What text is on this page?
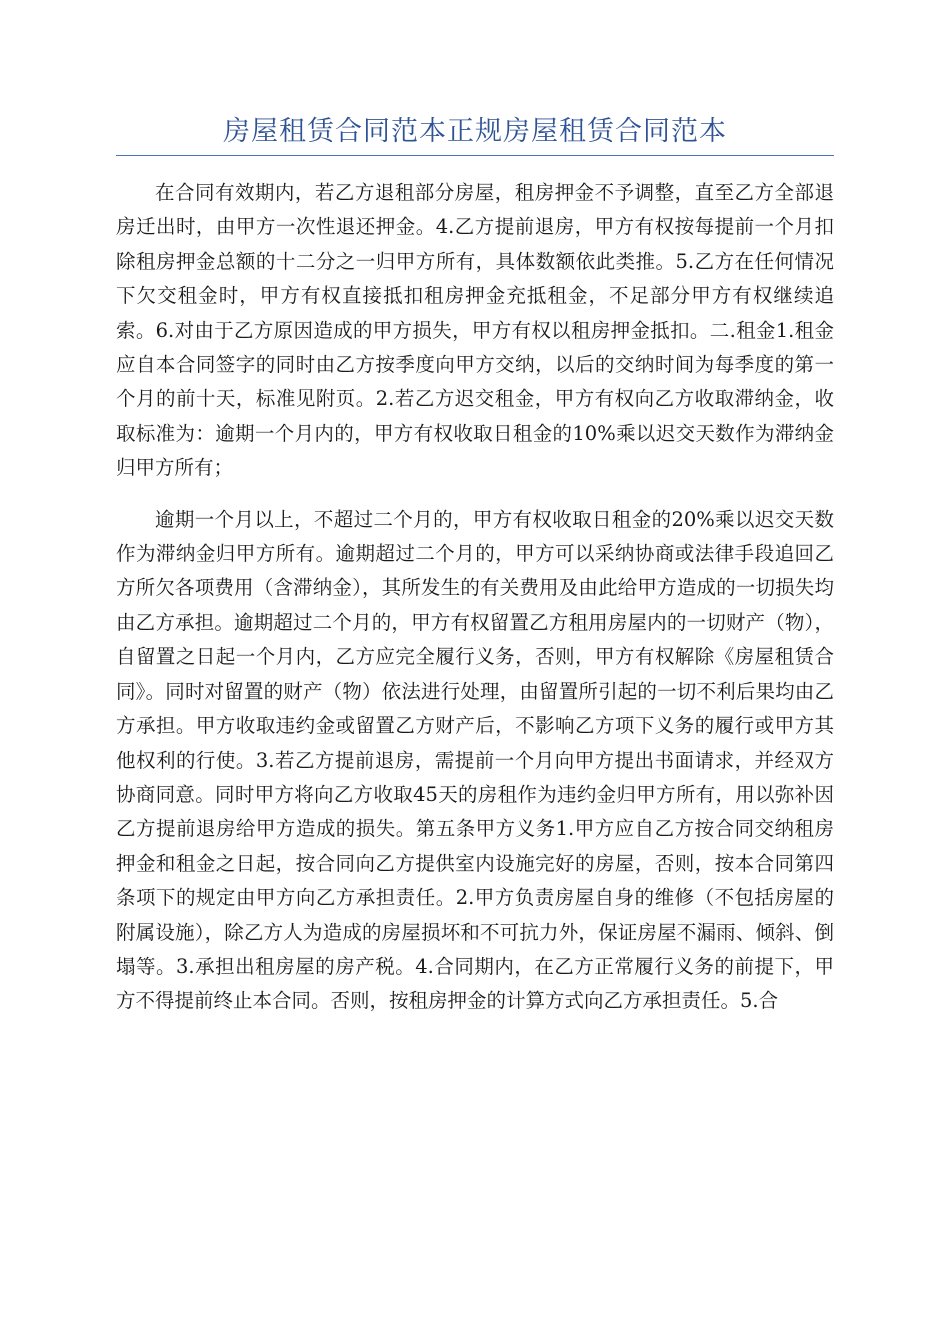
房屋租赁合同范本正规房屋租赁合同范本

在合同有效期内，若乙方退租部分房屋，租房押金不予调整，直至乙方全部退房迁出时，由甲方一次性退还押金。4.乙方提前退房，甲方有权按每提前一个月扣除租房押金总额的十二分之一归甲方所有，具体数额依此类推。5.乙方在任何情况下欠交租金时，甲方有权直接抵扣租房押金充抵租金，不足部分甲方有权继续追索。6.对由于乙方原因造成的甲方损失，甲方有权以租房押金抵扣。二.租金1.租金应自本合同签字的同时由乙方按季度向甲方交纳，以后的交纳时间为每季度的第一个月的前十天，标准见附页。2.若乙方迟交租金，甲方有权向乙方收取滞纳金，收取标准为：逾期一个月内的，甲方有权收取日租金的10%乘以迟交天数作为滞纳金归甲方所有；

逾期一个月以上，不超过二个月的，甲方有权收取日租金的20%乘以迟交天数作为滞纳金归甲方所有。逾期超过二个月的，甲方可以采纳协商或法律手段追回乙方所欠各项费用（含滞纳金），其所发生的有关费用及由此给甲方造成的一切损失均由乙方承担。逾期超过二个月的，甲方有权留置乙方租用房屋内的一切财产（物），自留置之日起一个月内，乙方应完全履行义务，否则，甲方有权解除《房屋租赁合同》。同时对留置的财产（物）依法进行处理，由留置所引起的一切不利后果均由乙方承担。甲方收取违约金或留置乙方财产后，不影响乙方项下义务的履行或甲方其他权利的行使。3.若乙方提前退房，需提前一个月向甲方提出书面请求，并经双方协商同意。同时甲方将向乙方收取45天的房租作为违约金归甲方所有，用以弥补因乙方提前退房给甲方造成的损失。第五条甲方义务1.甲方应自乙方按合同交纳租房押金和租金之日起，按合同向乙方提供室内设施完好的房屋，否则，按本合同第四条项下的规定由甲方向乙方承担责任。2.甲方负责房屋自身的维修（不包括房屋的附属设施），除乙方人为造成的房屋损坏和不可抗力外，保证房屋不漏雨、倾斜、倒塌等。3.承担出租房屋的房产税。4.合同期内，在乙方正常履行义务的前提下，甲方不得提前终止本合同。否则，按租房押金的计算方式向乙方承担责任。5.合
